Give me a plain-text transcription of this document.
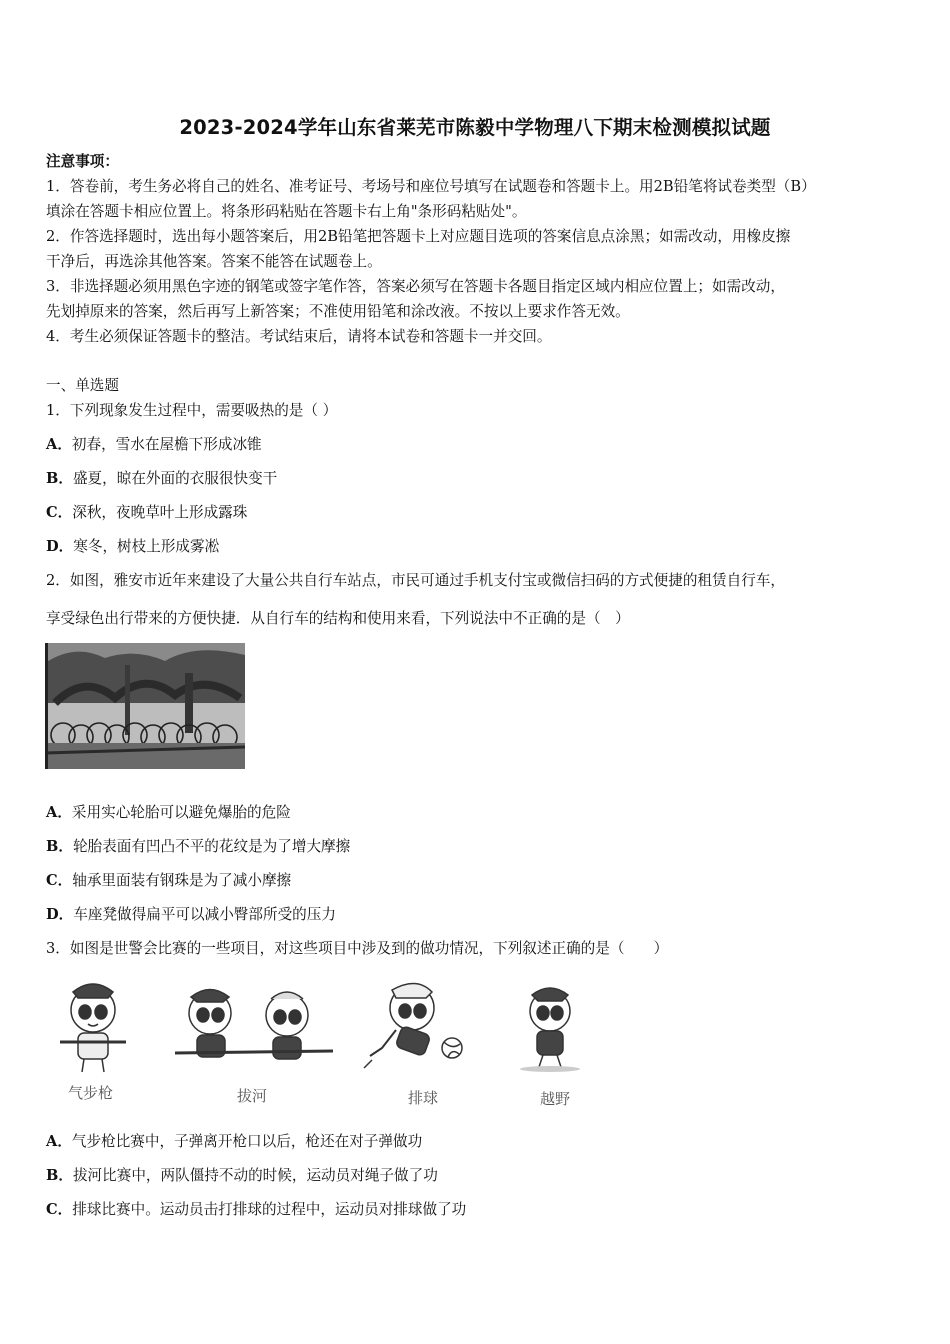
2023-2024学年山东省莱芜市陈毅中学物理八下期末检测模拟试题
注意事项：
1．答卷前，考生务必将自己的姓名、准考证号、考场号和座位号填写在试题卷和答题卡上。用2B铅笔将试卷类型（B）
填涂在答题卡相应位置上。将条形码粘贴在答题卡右上角"条形码粘贴处"。
2．作答选择题时，选出每小题答案后，用2B铅笔把答题卡上对应题目选项的答案信息点涂黑；如需改动，用橡皮擦
干净后，再选涂其他答案。答案不能答在试题卷上。
3．非选择题必须用黑色字迹的钢笔或签字笔作答，答案必须写在答题卡各题目指定区域内相应位置上；如需改动，
先划掉原来的答案，然后再写上新答案；不准使用铅笔和涂改液。不按以上要求作答无效。
4．考生必须保证答题卡的整洁。考试结束后，请将本试卷和答题卡一并交回。
一、单选题
1．下列现象发生过程中，需要吸热的是（ ）
A．初春，雪水在屋檐下形成冰锥
B．盛夏，晾在外面的衣服很快变干
C．深秋，夜晚草叶上形成露珠
D．寒冬，树枝上形成雾凇
2．如图，雅安市近年来建设了大量公共自行车站点，市民可通过手机支付宝或微信扫码的方式便捷的租赁自行车，
享受绿色出行带来的方便快捷．从自行车的结构和使用来看，下列说法中不正确的是（　）
A．采用实心轮胎可以避免爆胎的危险
B．轮胎表面有凹凸不平的花纹是为了增大摩擦
C．轴承里面装有钢珠是为了减小摩擦
D．车座凳做得扁平可以减小臀部所受的压力
3．如图是世警会比赛的一些项目，对这些项目中涉及到的做功情况，下列叙述正确的是（　　）
气步枪	拔河	排球	越野
A．气步枪比赛中，子弹离开枪口以后，枪还在对子弹做功
B．拔河比赛中，两队僵持不动的时候，运动员对绳子做了功
C．排球比赛中。运动员击打排球的过程中，运动员对排球做了功
